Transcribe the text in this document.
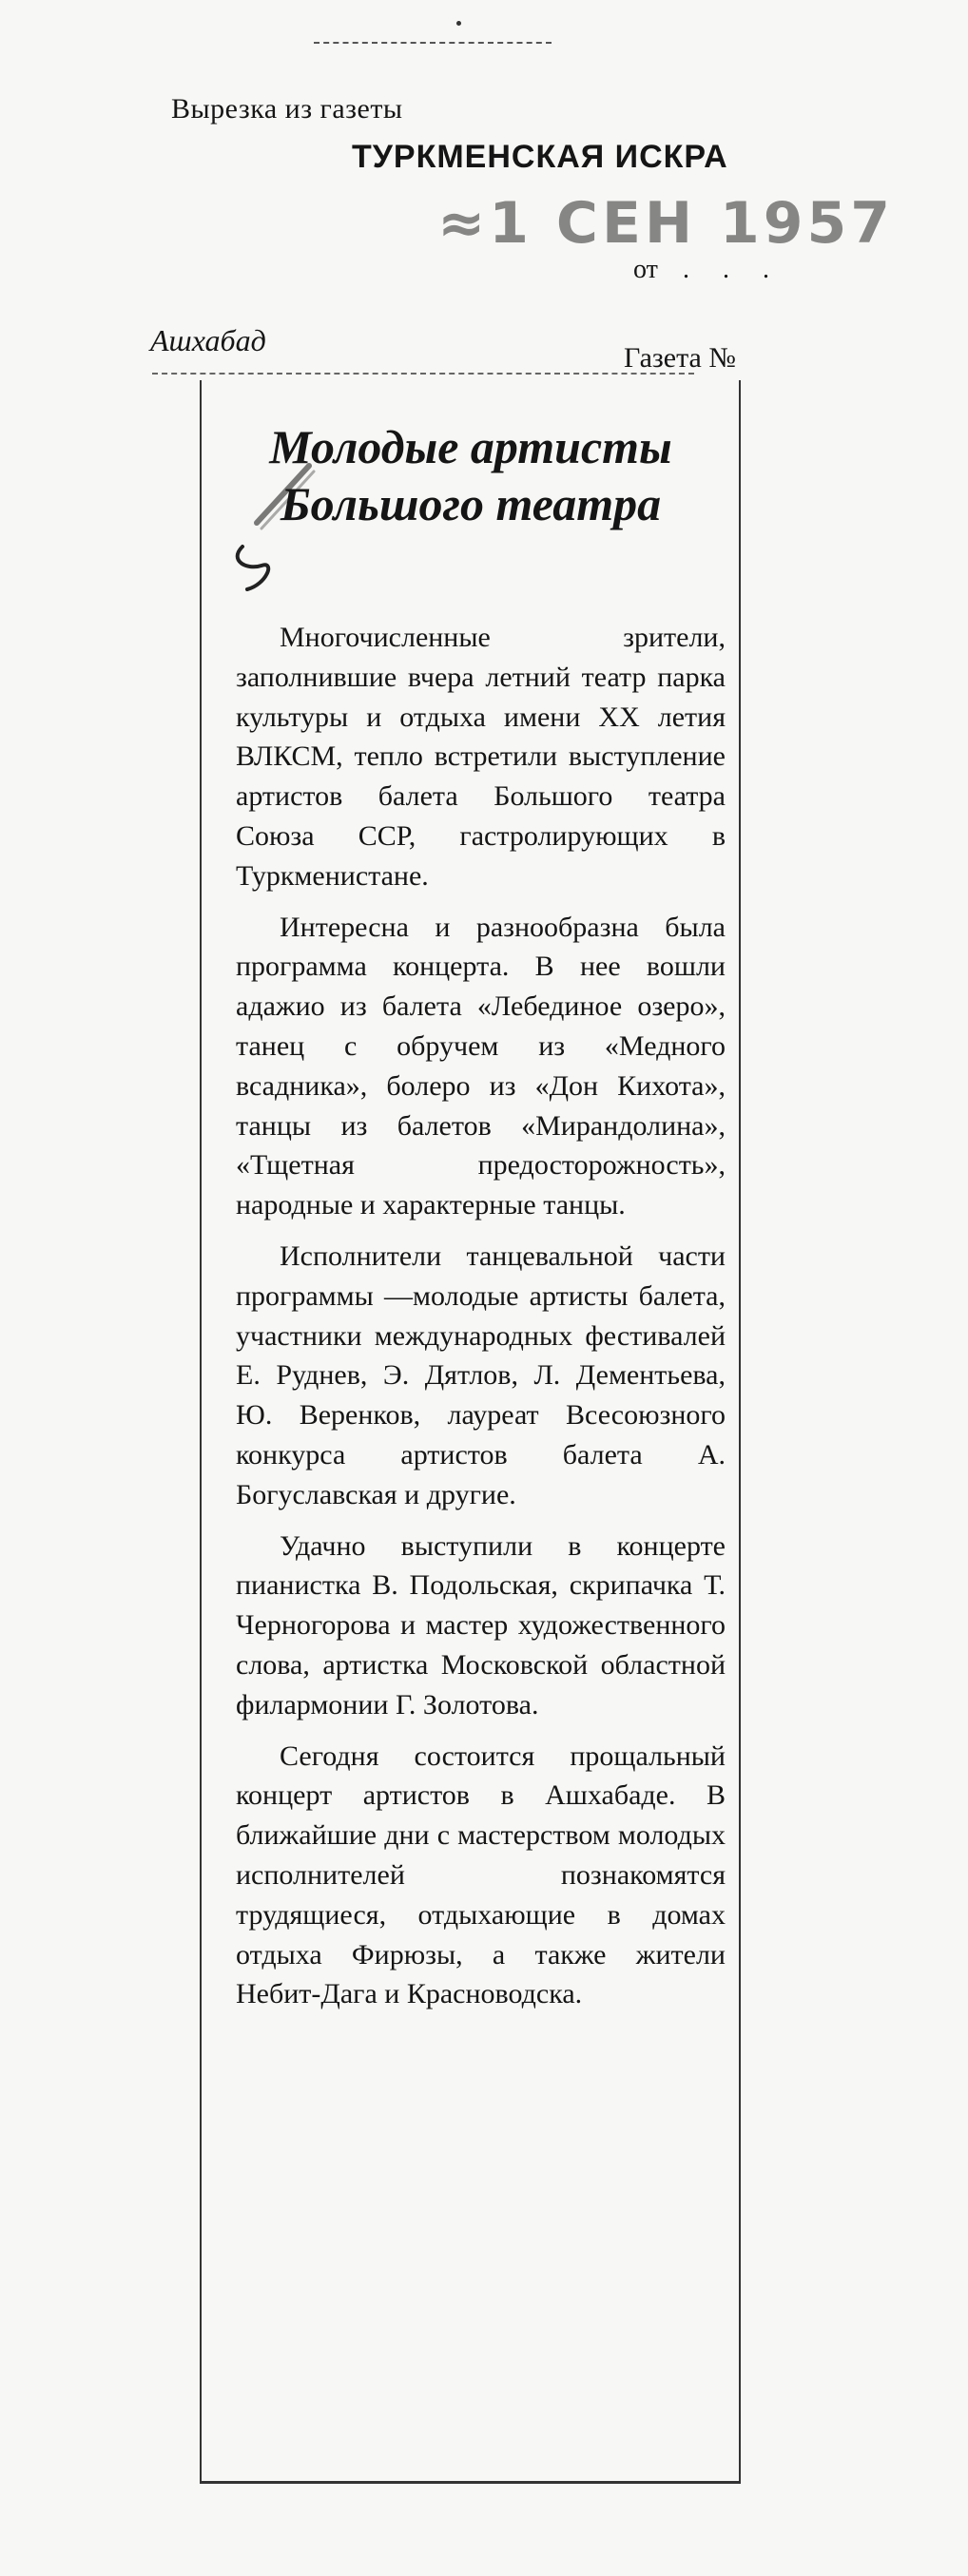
Вырезка из газеты
ТУРКМЕНСКАЯ ИСКРА
≈1 СЕН 1957
от . . .
Ашхабад
Газета №
Молодые артисты Большого театра

Многочисленные зрители, заполнившие вчера летний театр парка культуры и отдыха имени XX летия ВЛКСМ, тепло встретили выступление артистов балета Большого театра Союза ССР, гастролирующих в Туркменистане.

Интересна и разнообразна была программа концерта. В нее вошли адажио из балета «Лебединое озеро», танец с обручем из «Медного всадника», болеро из «Дон Кихота», танцы из балетов «Мирандолина», «Тщетная предосторожность», народные и характерные танцы.

Исполнители танцевальной части программы —молодые артисты балета, участники международных фестивалей Е. Руднев, Э. Дятлов, Л. Дементьева, Ю. Веренков, лауреат Всесоюзного конкурса артистов балета А. Богуславская и другие.

Удачно выступили в концерте пианистка В. Подольская, скрипачка Т. Черногорова и мастер художественного слова, артистка Московской областной филармонии Г. Золотова.

Сегодня состоится прощальный концерт артистов в Ашхабаде. В ближайшие дни с мастерством молодых исполнителей познакомятся трудящиеся, отдыхающие в домах отдыха Фирюзы, а также жители Небит-Дага и Красноводска.
